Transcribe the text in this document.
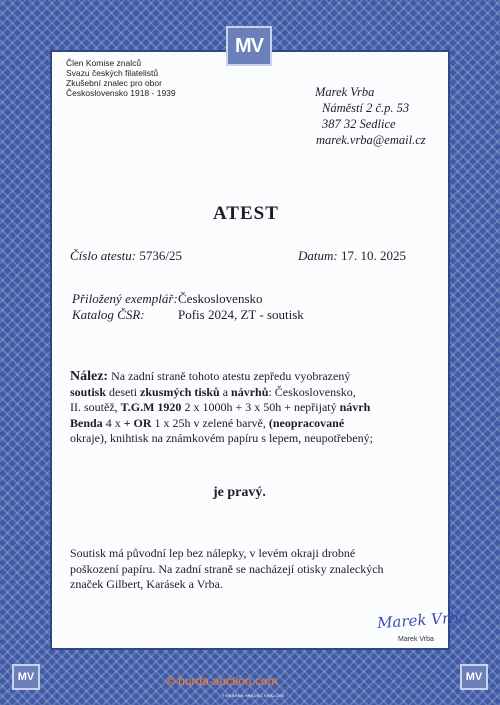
MV
Člen Komise znalců
Svazu českých filatelistů
Zkušební znalec pro obor
Československo 1918 - 1939	Marek Vrba
Náměstí 2 č.p. 53
387 32 Sedlice
marek.vrba@email.cz
ATEST
Číslo atestu: 5736/25	Datum: 17. 10. 2025
Přiložený exemplář: Československo
Katalog ČSR:	Pofis 2024, ZT - soutisk
Nález: Na zadní straně tohoto atestu zepředu vyobrazený
soutisk deseti zkusmých tisků a návrhů: Československo,
II. soutěž, T.G.M 1920 2 x 1000h + 3 x 50h + nepřijatý návrh
Benda 4 x + OR 1 x 25h v zelené barvě, (neopracované
okraje), knihtisk na známkovém papíru s lepem, neupotřebený;
je pravý.
Soutisk má původní lep bez nálepky, v levém okraji drobné
poškození papíru. Na zadní straně se nacházejí otisky znaleckých
značek Gilbert, Karásek a Vrba.
Marek Vrba
Marek Vrba
MV	MV
© burda-auction.com
TISKÁRNA HRADEC KRÁLOVÉ
